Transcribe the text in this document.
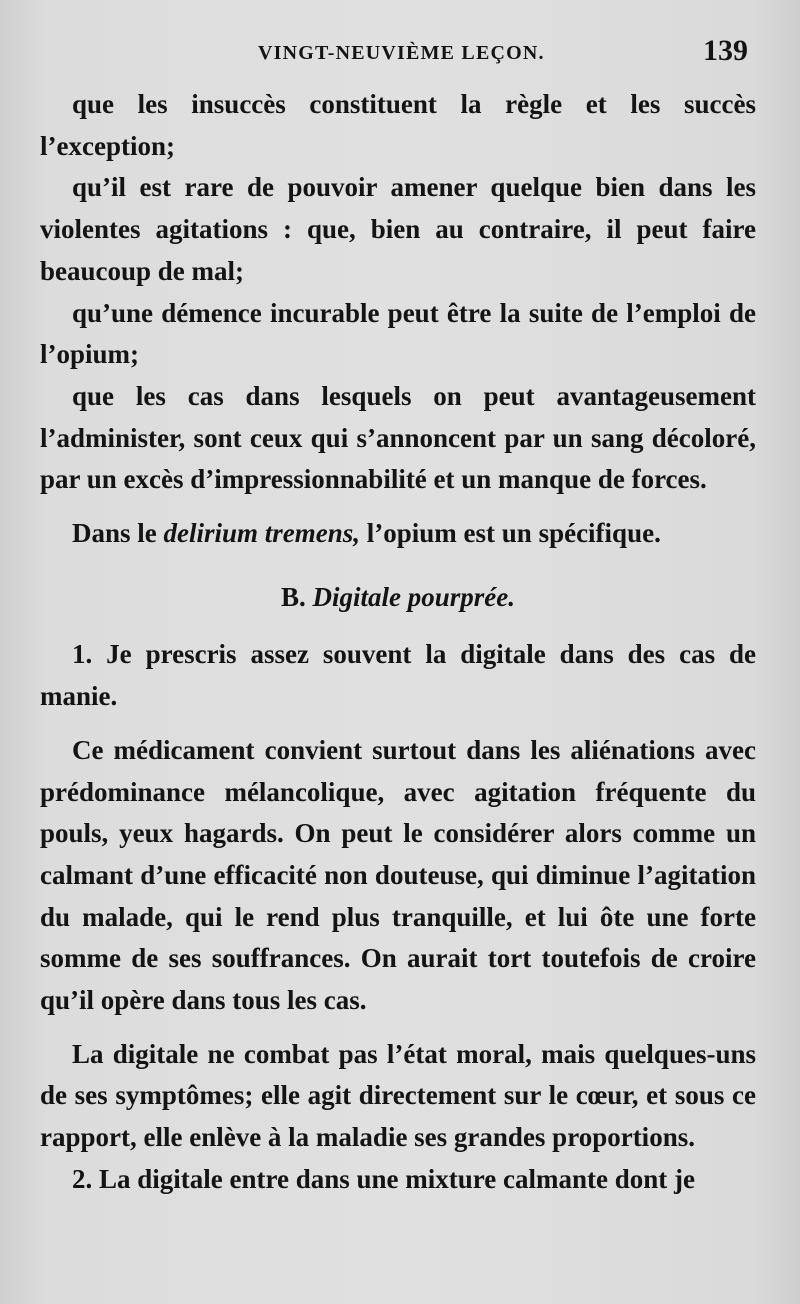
VINGT-NEUVIÈME LEÇON.	139

que les insuccès constituent la règle et les succès l’exception;

qu’il est rare de pouvoir amener quelque bien dans les violentes agitations : que, bien au contraire, il peut faire beaucoup de mal;

qu’une démence incurable peut être la suite de l’emploi de l’opium;

que les cas dans lesquels on peut avantageusement l’administer, sont ceux qui s’annoncent par un sang décoloré, par un excès d’impressionnabilité et un manque de forces.

Dans le delirium tremens, l’opium est un spécifique.

B. Digitale pourprée.

1. Je prescris assez souvent la digitale dans des cas de manie.

Ce médicament convient surtout dans les aliénations avec prédominance mélancolique, avec agitation fréquente du pouls, yeux hagards. On peut le considérer alors comme un calmant d’une efficacité non douteuse, qui diminue l’agitation du malade, qui le rend plus tranquille, et lui ôte une forte somme de ses souffrances. On aurait tort toutefois de croire qu’il opère dans tous les cas.

La digitale ne combat pas l’état moral, mais quelques-uns de ses symptômes; elle agit directement sur le cœur, et sous ce rapport, elle enlève à la maladie ses grandes proportions.

2. La digitale entre dans une mixture calmante dont je
